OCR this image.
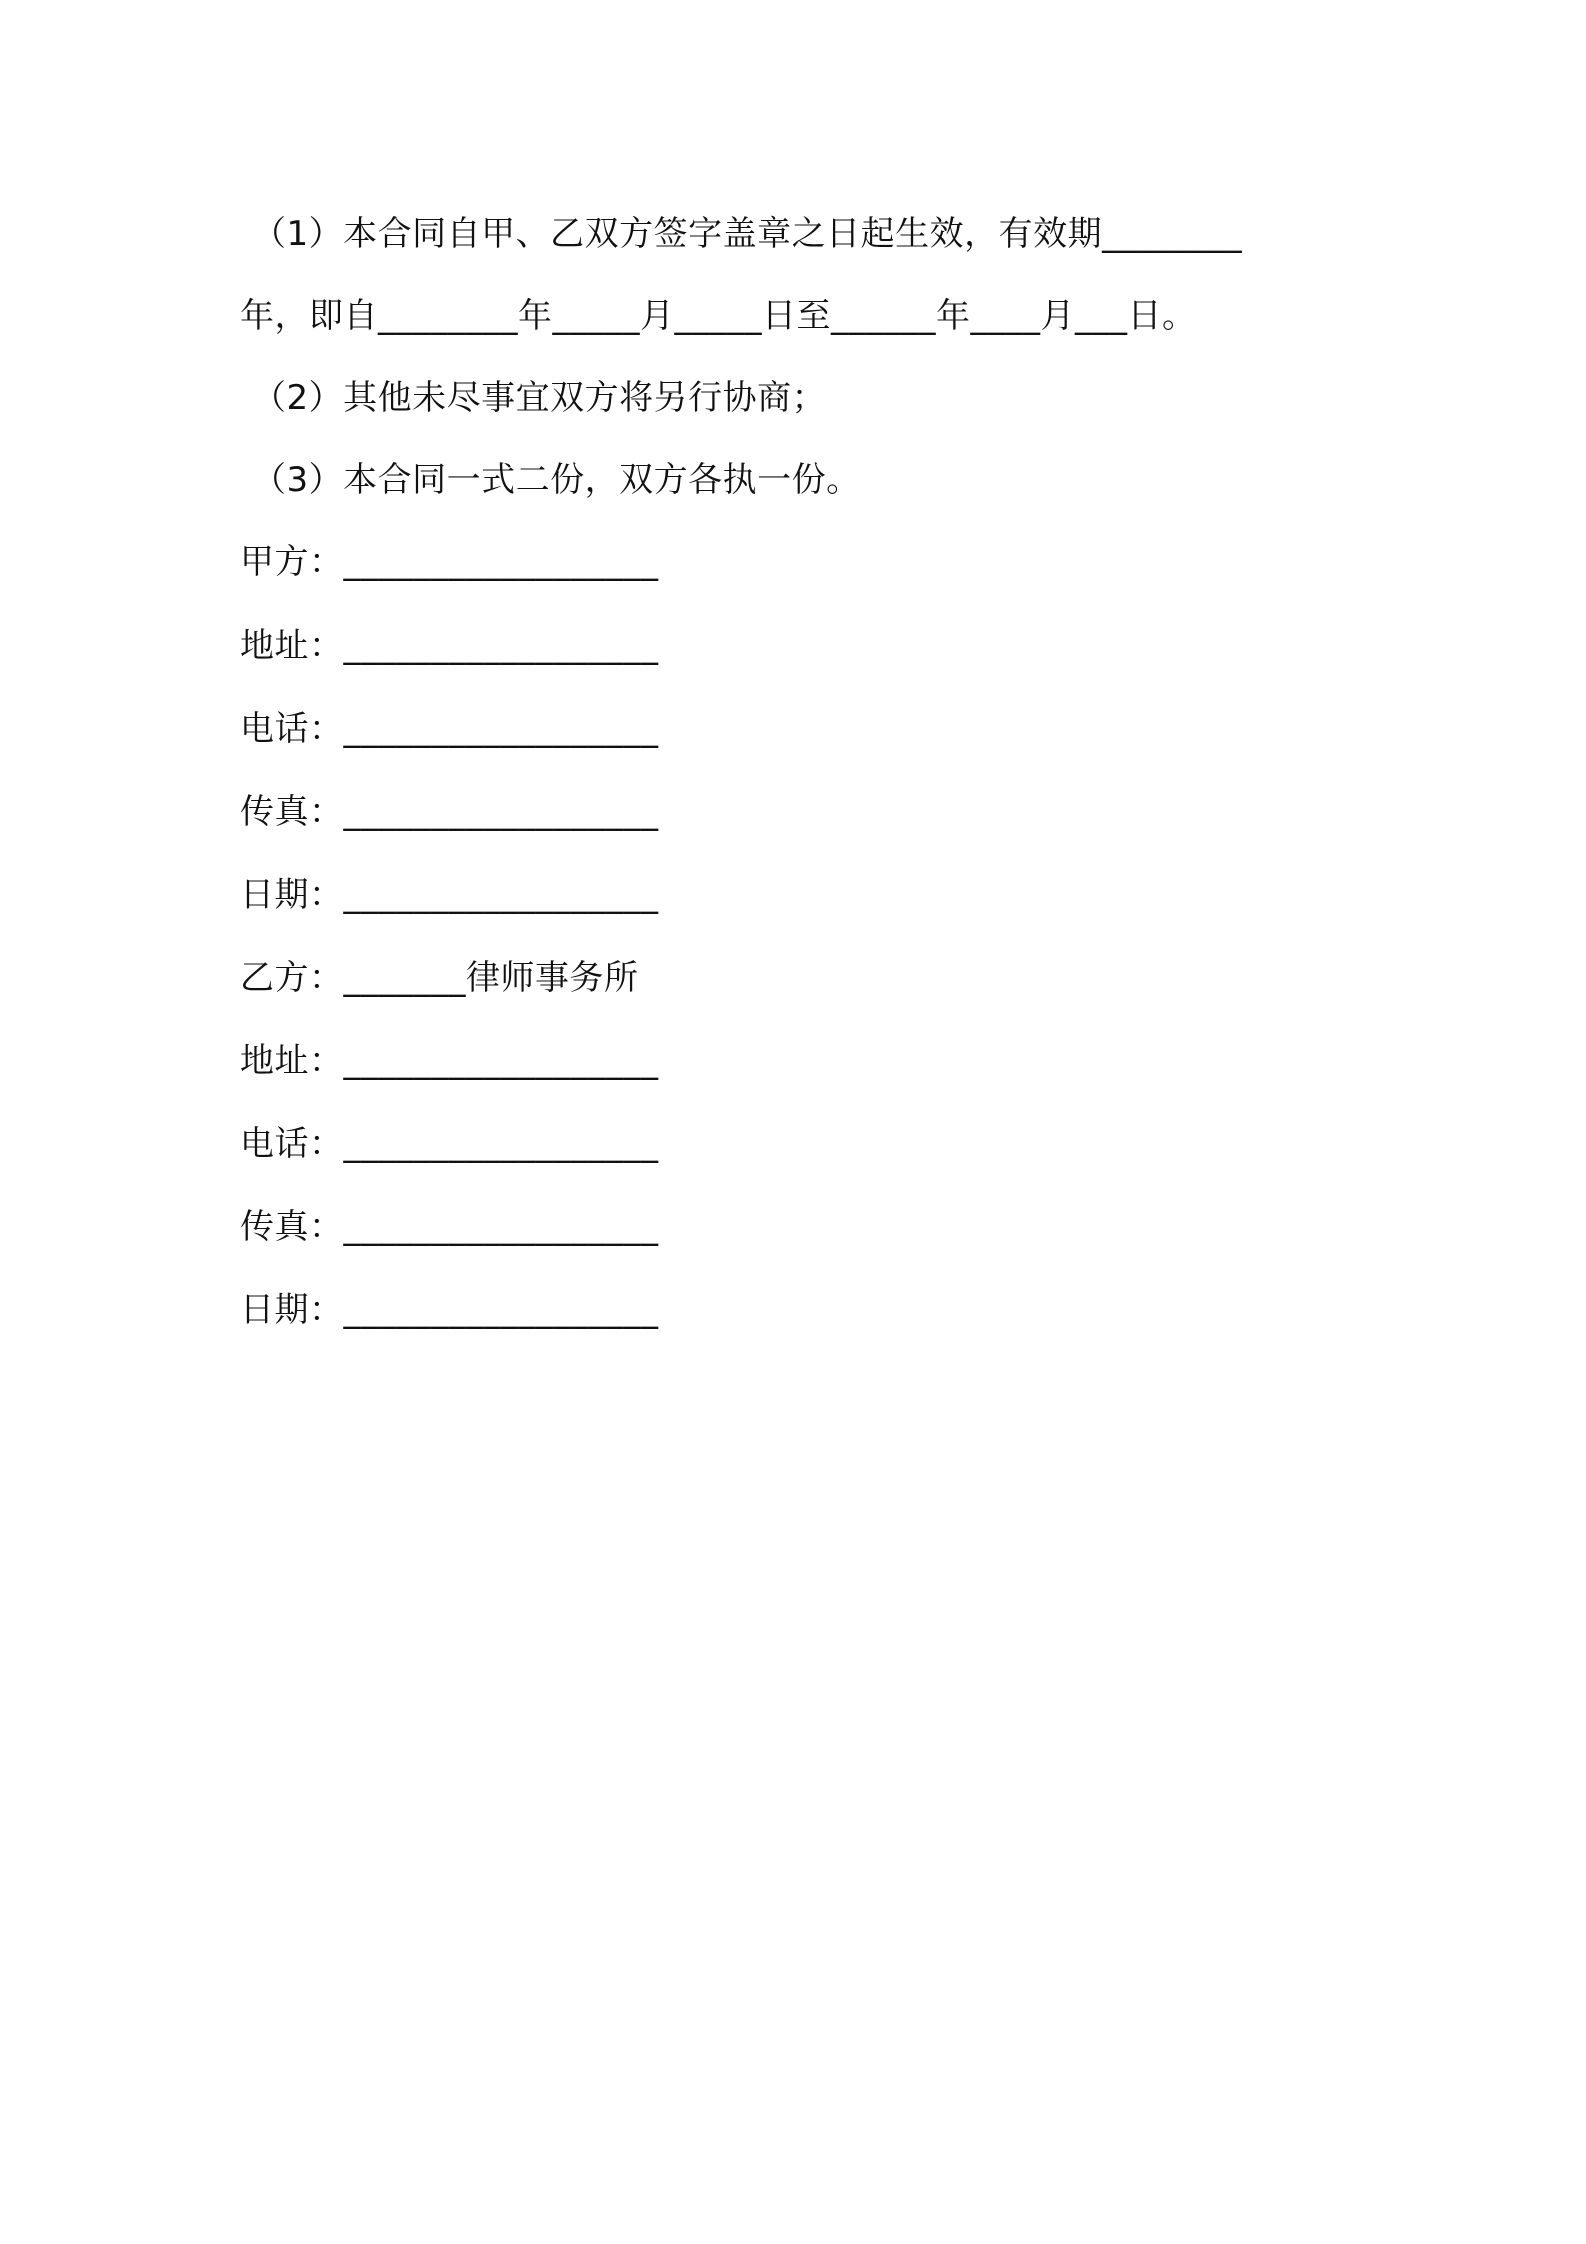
（1）本合同自甲、乙双方签字盖章之日起生效，有效期________
年，即自________年_____月_____日至______年____月___日。
（2）其他未尽事宜双方将另行协商；
（3）本合同一式二份，双方各执一份。
甲方：__________________
地址：__________________
电话：__________________
传真：__________________
日期：__________________
乙方：_______律师事务所
地址：__________________
电话：__________________
传真：__________________
日期：__________________
